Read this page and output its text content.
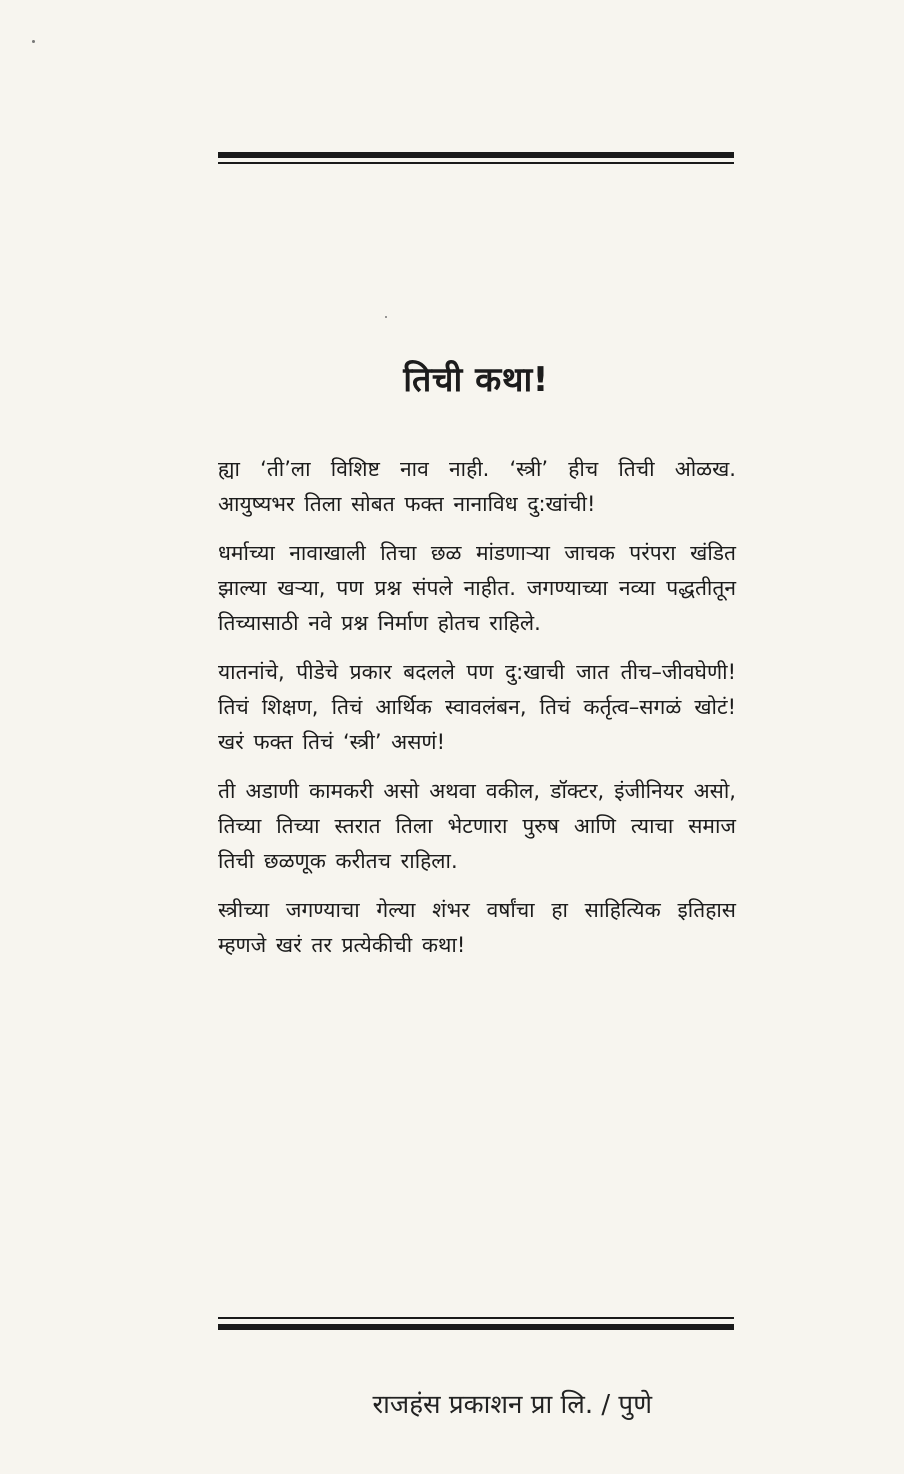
तिची कथा!

ह्या ‘ती’ला विशिष्ट नाव नाही. ‘स्त्री’ हीच तिची ओळख. आयुष्यभर तिला सोबत फक्त नानाविध दु:खांची!

धर्माच्या नावाखाली तिचा छळ मांडणाऱ्या जाचक परंपरा खंडित झाल्या खऱ्या, पण प्रश्न संपले नाहीत. जगण्याच्या नव्या पद्धतीतून तिच्यासाठी नवे प्रश्न निर्माण होतच राहिले.

यातनांचे, पीडेचे प्रकार बदलले पण दु:खाची जात तीच–जीवघेणी! तिचं शिक्षण, तिचं आर्थिक स्वावलंबन, तिचं कर्तृत्व–सगळं खोटं! खरं फक्त तिचं ‘स्त्री’ असणं!

ती अडाणी कामकरी असो अथवा वकील, डॉक्टर, इंजीनियर असो, तिच्या तिच्या स्तरात तिला भेटणारा पुरुष आणि त्याचा समाज तिची छळणूक करीतच राहिला.

स्त्रीच्या जगण्याचा गेल्या शंभर वर्षांचा हा साहित्यिक इतिहास म्हणजे खरं तर प्रत्येकीची कथा!

राजहंस प्रकाशन प्रा लि. / पुणे
